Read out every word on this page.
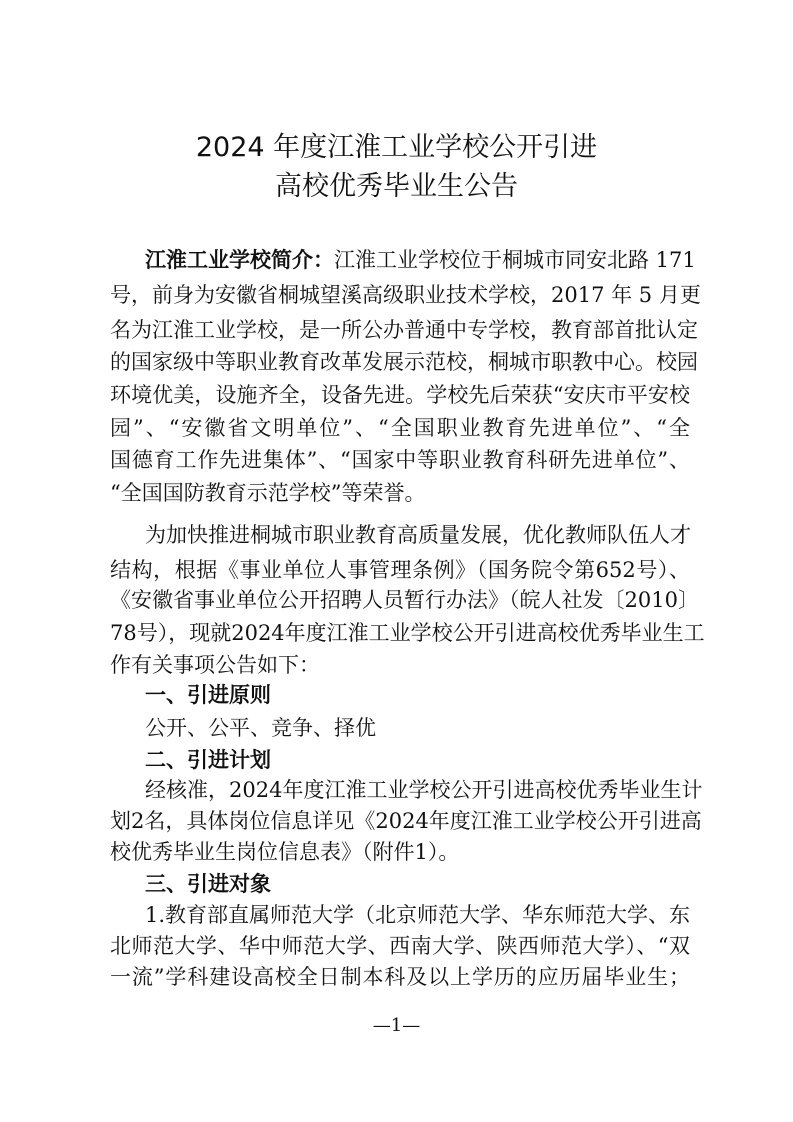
2024 年度江淮工业学校公开引进
高校优秀毕业生公告
江淮工业学校简介：江淮工业学校位于桐城市同安北路 171
号，前身为安徽省桐城望溪高级职业技术学校，2017 年 5 月更
名为江淮工业学校，是一所公办普通中专学校，教育部首批认定
的国家级中等职业教育改革发展示范校，桐城市职教中心。校园
环境优美，设施齐全，设备先进。学校先后荣获“安庆市平安校
园”、“安徽省文明单位”、“全国职业教育先进单位”、“全
国德育工作先进集体”、“国家中等职业教育科研先进单位”、
“全国国防教育示范学校”等荣誉。
为加快推进桐城市职业教育高质量发展，优化教师队伍人才
结构，根据《事业单位人事管理条例》（国务院令第652号）、
《安徽省事业单位公开招聘人员暂行办法》（皖人社发〔2010〕
78号），现就2024年度江淮工业学校公开引进高校优秀毕业生工
作有关事项公告如下：
一、引进原则
公开、公平、竞争、择优
二、引进计划
经核准，2024年度江淮工业学校公开引进高校优秀毕业生计
划2名，具体岗位信息详见《2024年度江淮工业学校公开引进高
校优秀毕业生岗位信息表》（附件1）。
三、引进对象
1.教育部直属师范大学（北京师范大学、华东师范大学、东
北师范大学、华中师范大学、西南大学、陕西师范大学）、“双
一流”学科建设高校全日制本科及以上学历的应历届毕业生；
—1—
